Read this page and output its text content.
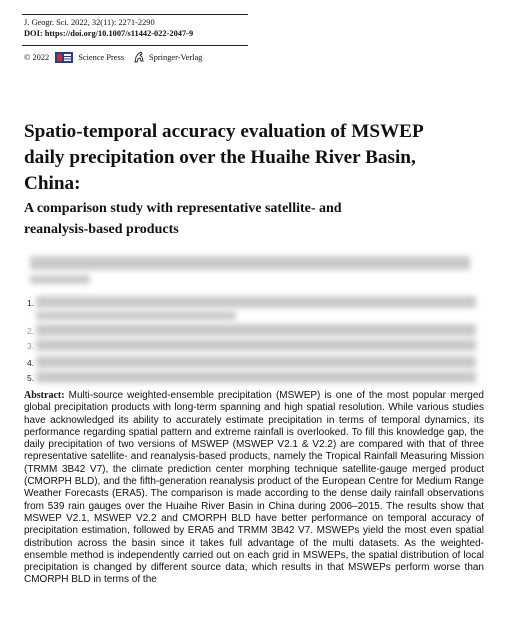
J. Geogr. Sci. 2022, 32(11): 2271-2290
DOI: https://doi.org/10.1007/s11442-022-2047-9
© 2022	Science Press	Springer-Verlag
Spatio-temporal accuracy evaluation of MSWEP
daily precipitation over the Huaihe River Basin,
China:
A comparison study with representative satellite- and
reanalysis-based products
1.
2.
3.
4.
5.
Abstract: Multi-source weighted-ensemble precipitation (MSWEP) is one of the most popular merged global precipitation products with long-term spanning and high spatial resolution. While various studies have acknowledged its ability to accurately estimate precipitation in terms of temporal dynamics, its performance regarding spatial pattern and extreme rainfall is overlooked. To fill this knowledge gap, the daily precipitation of two versions of MSWEP (MSWEP V2.1 & V2.2) are compared with that of three representative satellite- and reanalysis-based products, namely the Tropical Rainfall Measuring Mission (TRMM 3B42 V7), the climate prediction center morphing technique satellite-gauge merged product (CMORPH BLD), and the fifth-generation reanalysis product of the European Centre for Medium Range Weather Forecasts (ERA5). The comparison is made according to the dense daily rainfall observations from 539 rain gauges over the Huaihe River Basin in China during 2006–2015. The results show that MSWEP V2.1, MSWEP V2.2 and CMORPH BLD have better performance on temporal accuracy of precipitation estimation, followed by ERA5 and TRMM 3B42 V7. MSWEPs yield the most even spatial distribution across the basin since it takes full advantage of the multi datasets. As the weighted-ensemble method is independently carried out on each grid in MSWEPs, the spatial distribution of local precipitation is changed by different source data, which results in that MSWEPs perform worse than CMORPH BLD in terms of the
